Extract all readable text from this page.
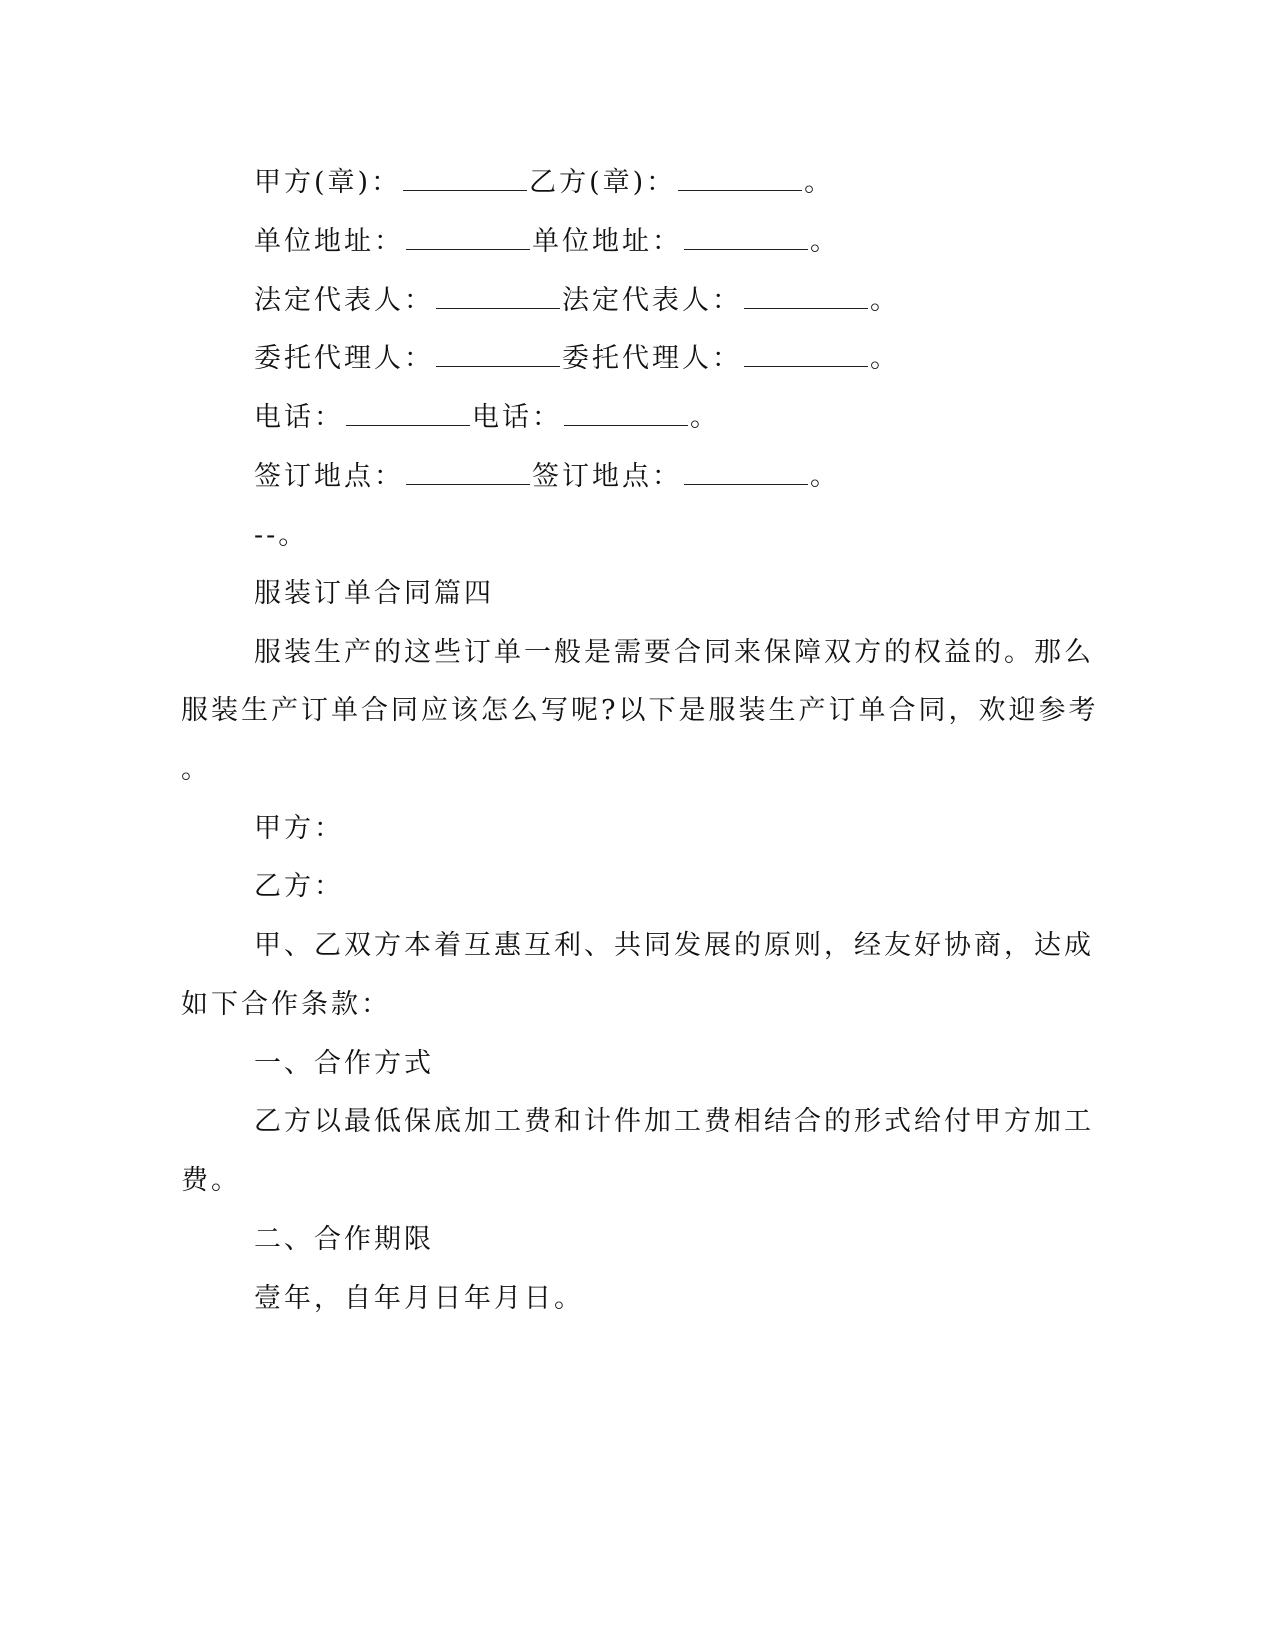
甲方(章)：	乙方(章)：	。
单位地址：	单位地址：	。
法定代表人：	法定代表人：	。
委托代理人：	委托代理人：	。
电话：	电话：	。
签订地点：	签订地点：	。
--。
服装订单合同篇四
服装生产的这些订单一般是需要合同来保障双方的权益的。那么
服装生产订单合同应该怎么写呢?以下是服装生产订单合同，欢迎参考
。
甲方：
乙方：
甲、乙双方本着互惠互利、共同发展的原则，经友好协商，达成
如下合作条款：
一、合作方式
乙方以最低保底加工费和计件加工费相结合的形式给付甲方加工
费。
二、合作期限
壹年，自年月日年月日。
